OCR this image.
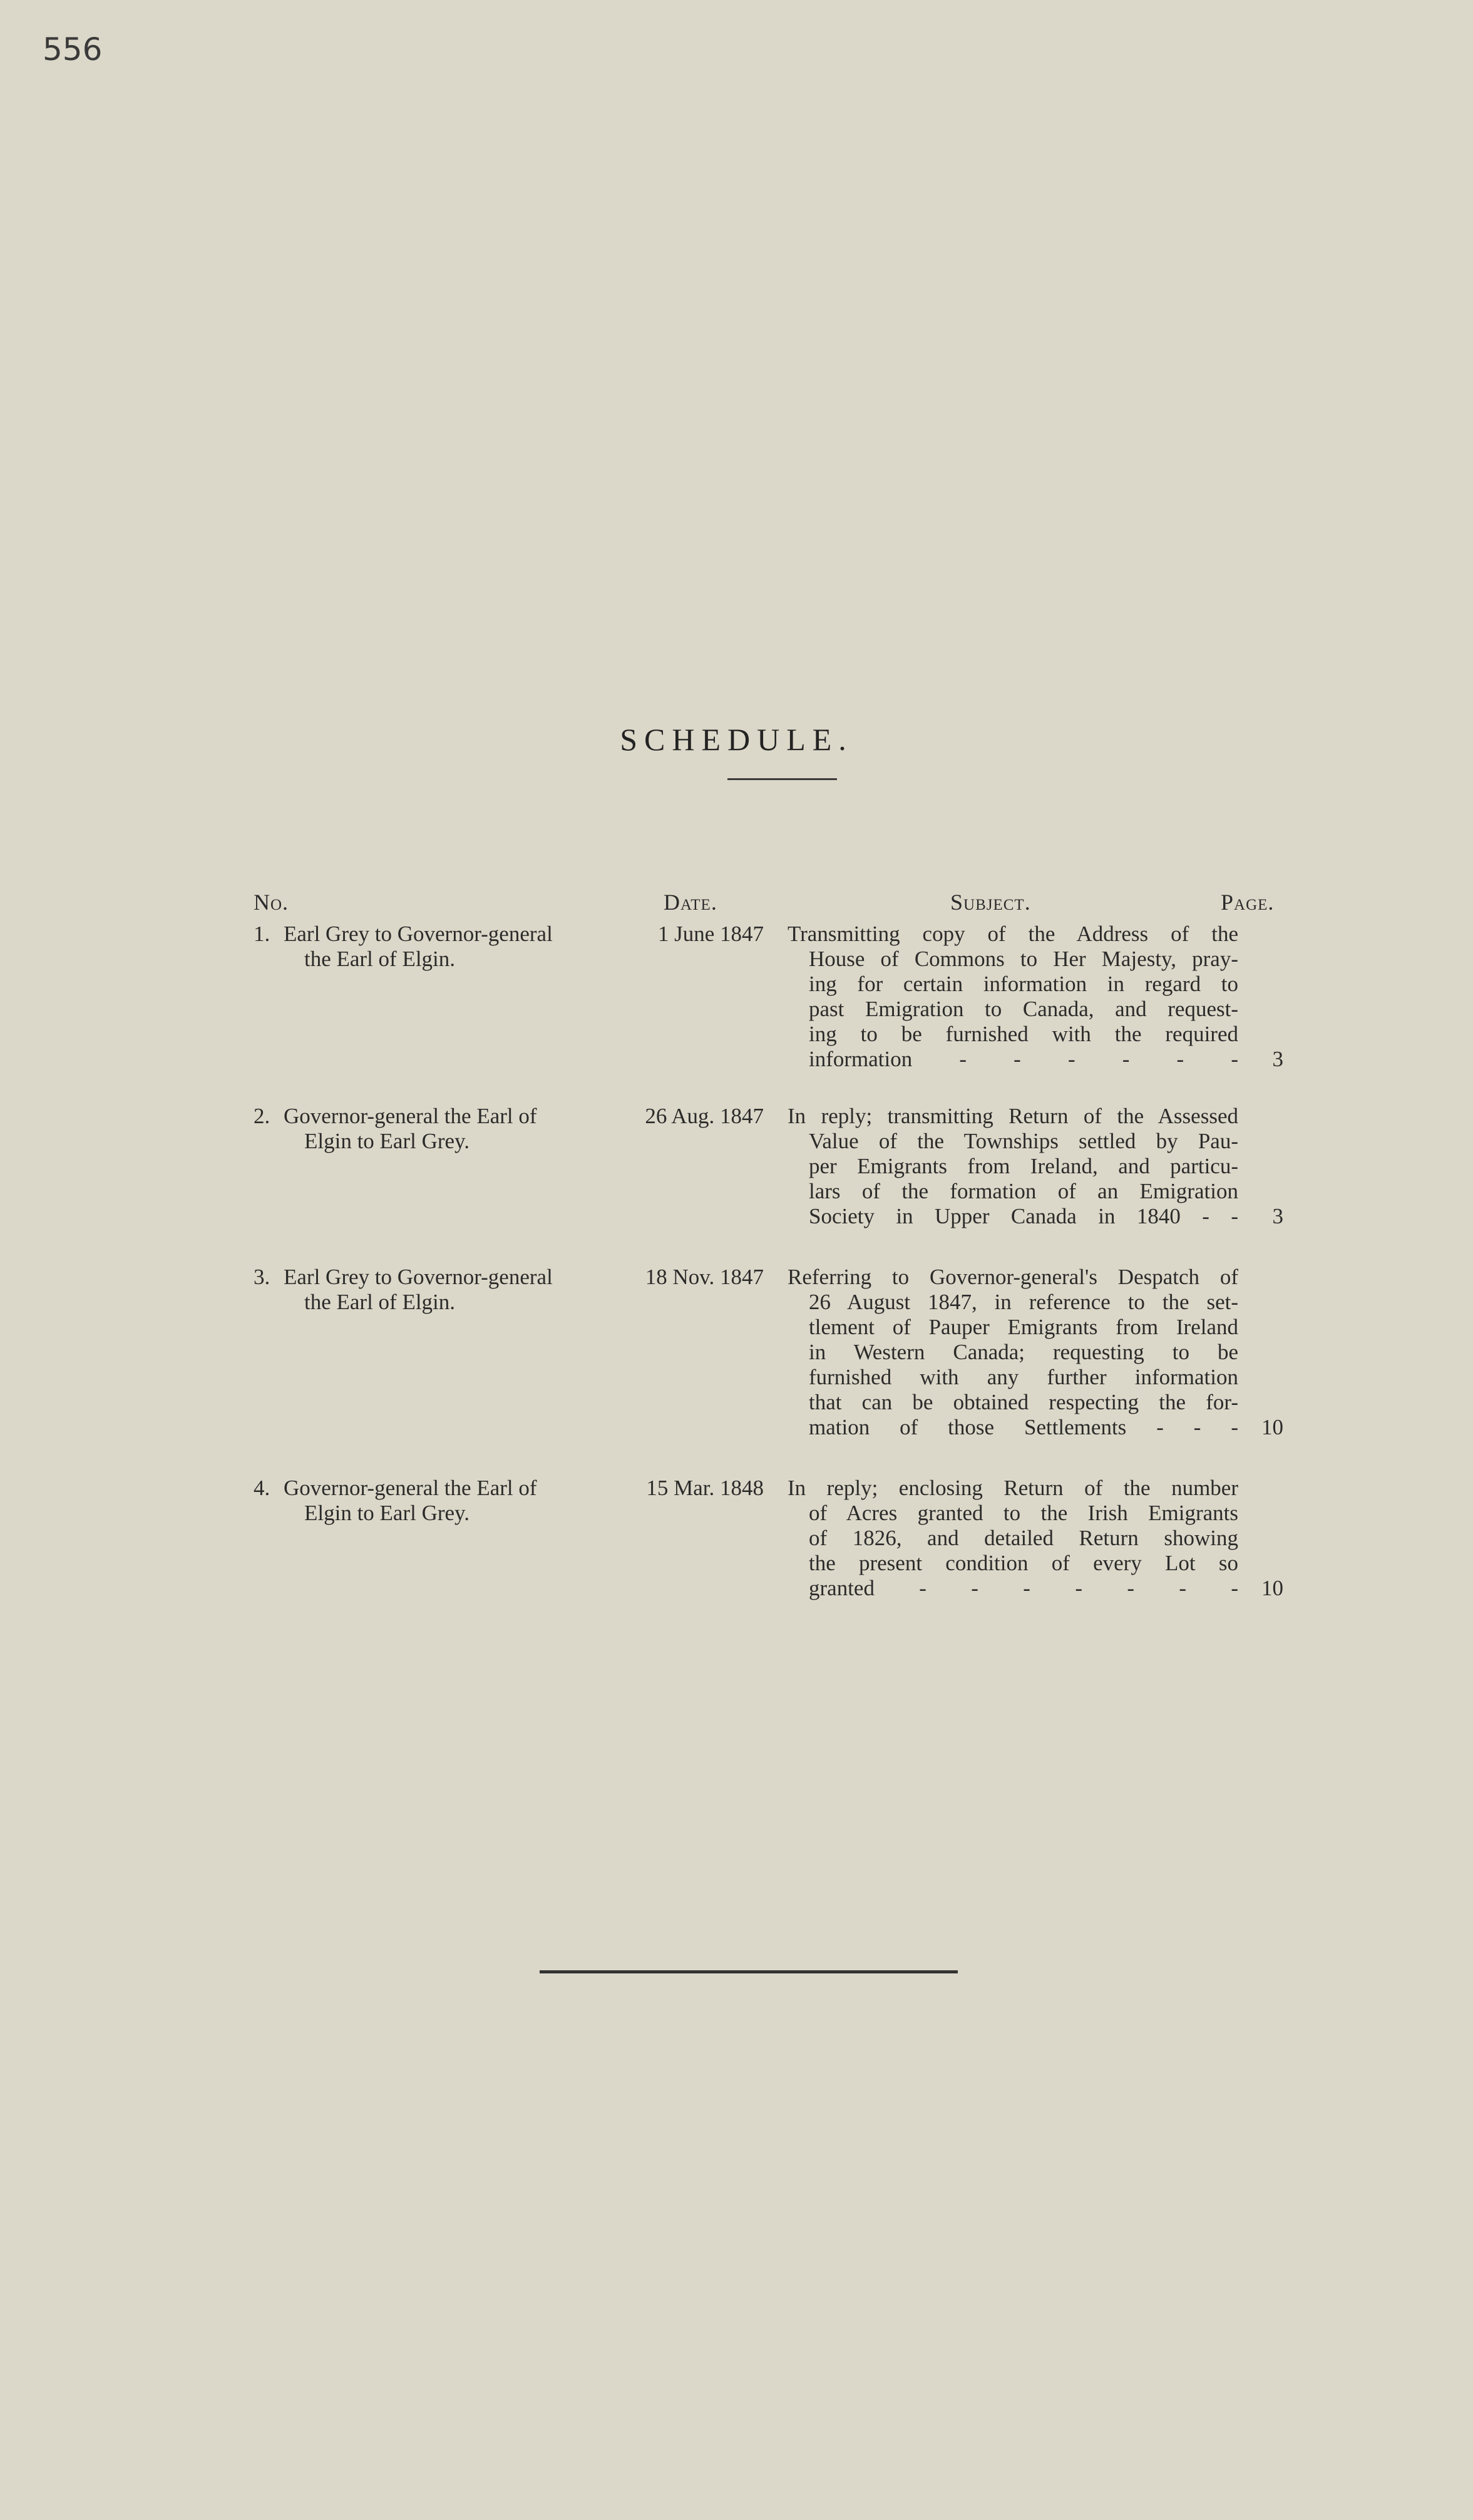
556
SCHEDULE.
No.	Date.	Subject.	Page.
1. Earl Grey to Governor-general
the Earl of Elgin.
1 June 1847 Transmitting copy of the Address of the
House of Commons to Her Majesty, pray-
ing for certain information in regard to
past Emigration to Canada, and request-
ing to be furnished with the required
information - - - - - -	3
2. Governor-general the Earl of
Elgin to Earl Grey.
26 Aug. 1847 In reply; transmitting Return of the Assessed
Value of the Townships settled by Pau-
per Emigrants from Ireland, and particu-
lars of the formation of an Emigration
Society in Upper Canada in 1840 - -	3
3. Earl Grey to Governor-general
the Earl of Elgin.
18 Nov. 1847 Referring to Governor-general's Despatch of
26 August 1847, in reference to the set-
tlement of Pauper Emigrants from Ireland
in Western Canada; requesting to be
furnished with any further information
that can be obtained respecting the for-
mation of those Settlements - - -	10
4. Governor-general the Earl of
Elgin to Earl Grey.
15 Mar. 1848 In reply; enclosing Return of the number
of Acres granted to the Irish Emigrants
of 1826, and detailed Return showing
the present condition of every Lot so
granted - - - - - - -	10
